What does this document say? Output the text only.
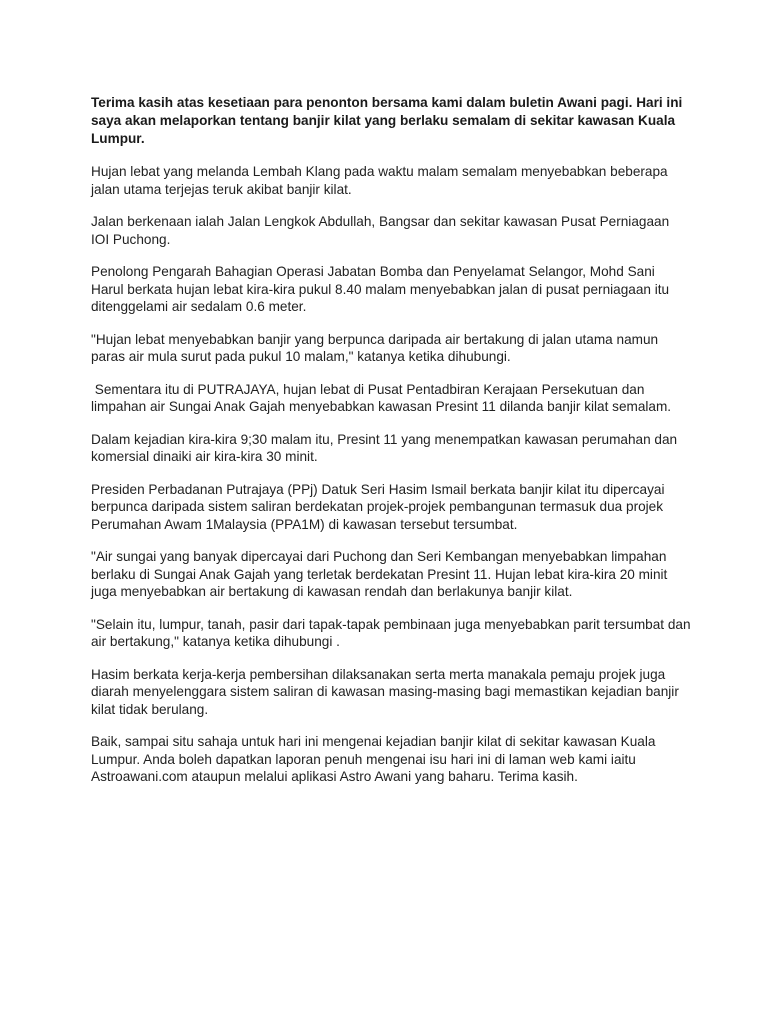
Terima kasih atas kesetiaan para penonton bersama kami dalam buletin Awani pagi. Hari ini saya akan melaporkan tentang banjir kilat yang berlaku semalam di sekitar kawasan Kuala Lumpur.

Hujan lebat yang melanda Lembah Klang pada waktu malam semalam menyebabkan beberapa jalan utama terjejas teruk akibat banjir kilat.

Jalan berkenaan ialah Jalan Lengkok Abdullah, Bangsar dan sekitar kawasan Pusat Perniagaan IOI Puchong.

Penolong Pengarah Bahagian Operasi Jabatan Bomba dan Penyelamat Selangor, Mohd Sani Harul berkata hujan lebat kira-kira pukul 8.40 malam menyebabkan jalan di pusat perniagaan itu ditenggelami air sedalam 0.6 meter.

"Hujan lebat menyebabkan banjir yang berpunca daripada air bertakung di jalan utama namun paras air mula surut pada pukul 10 malam," katanya ketika dihubungi.

Sementara itu di PUTRAJAYA, hujan lebat di Pusat Pentadbiran Kerajaan Persekutuan dan limpahan air Sungai Anak Gajah menyebabkan kawasan Presint 11 dilanda banjir kilat semalam.

Dalam kejadian kira-kira 9;30 malam itu, Presint 11 yang menempatkan kawasan perumahan dan komersial dinaiki air kira-kira 30 minit.

Presiden Perbadanan Putrajaya (PPj) Datuk Seri Hasim Ismail berkata banjir kilat itu dipercayai berpunca daripada sistem saliran berdekatan projek-projek pembangunan termasuk dua projek Perumahan Awam 1Malaysia (PPA1M) di kawasan tersebut tersumbat.

"Air sungai yang banyak dipercayai dari Puchong dan Seri Kembangan menyebabkan limpahan berlaku di Sungai Anak Gajah yang terletak berdekatan Presint 11. Hujan lebat kira-kira 20 minit juga menyebabkan air bertakung di kawasan rendah dan berlakunya banjir kilat.

"Selain itu, lumpur, tanah, pasir dari tapak-tapak pembinaan juga menyebabkan parit tersumbat dan air bertakung," katanya ketika dihubungi .

Hasim berkata kerja-kerja pembersihan dilaksanakan serta merta manakala pemaju projek juga diarah menyelenggara sistem saliran di kawasan masing-masing bagi memastikan kejadian banjir kilat tidak berulang.

Baik, sampai situ sahaja untuk hari ini mengenai kejadian banjir kilat di sekitar kawasan Kuala Lumpur. Anda boleh dapatkan laporan penuh mengenai isu hari ini di laman web kami iaitu Astroawani.com ataupun melalui aplikasi Astro Awani yang baharu. Terima kasih.
